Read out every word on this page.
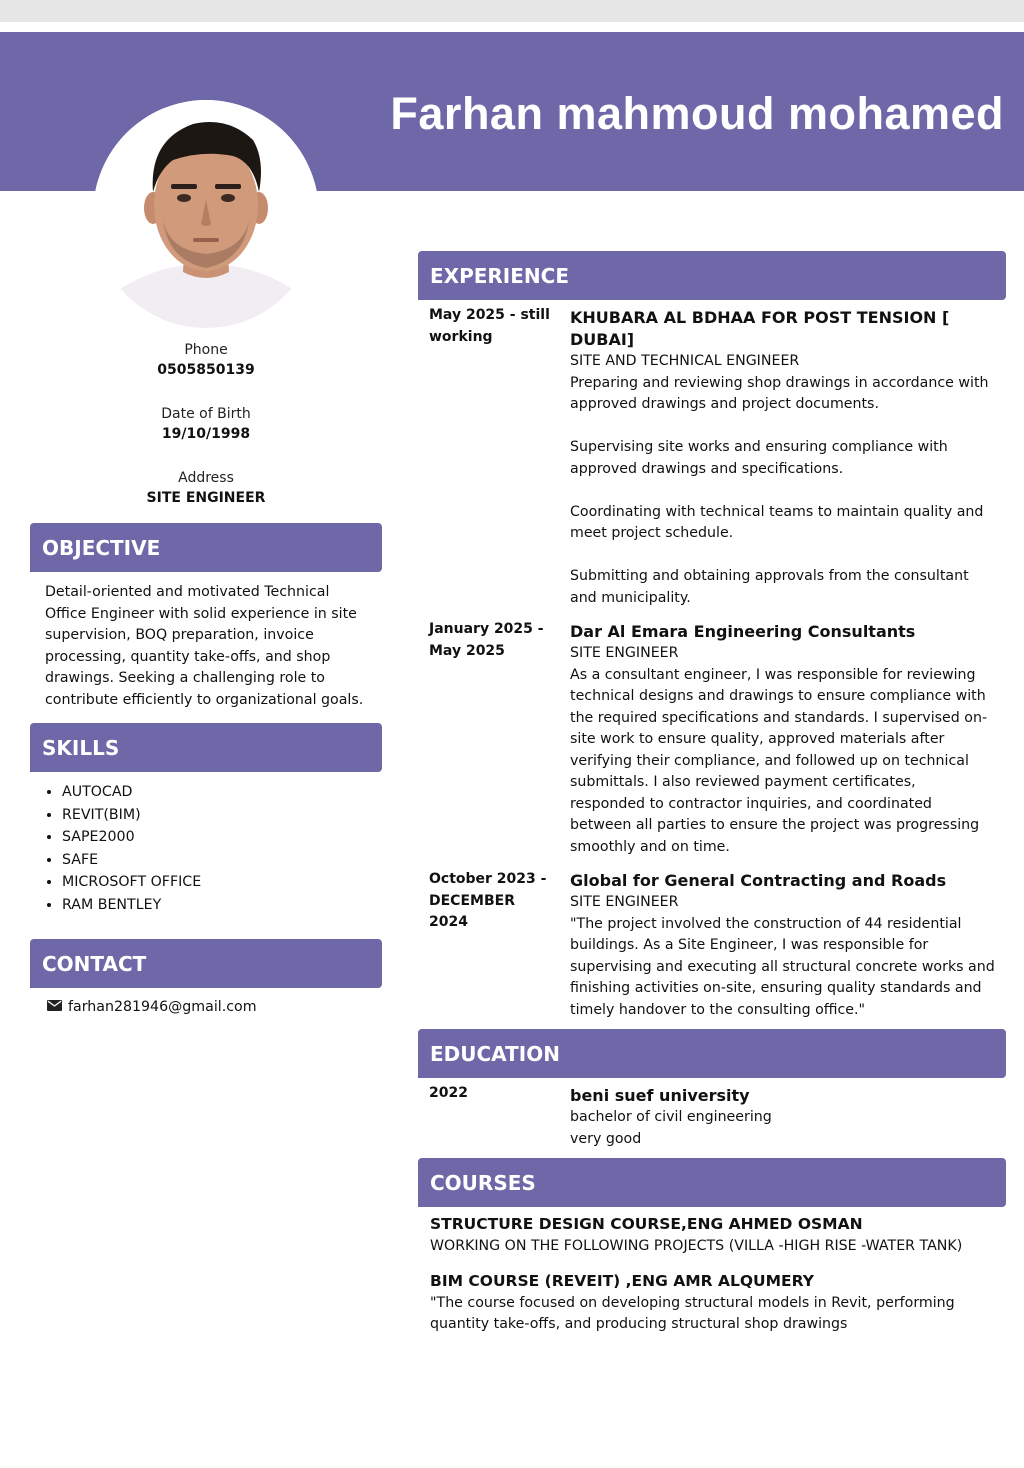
Farhan mahmoud mohamed
Phone
0505850139
Date of Birth
19/10/1998
Address
SITE ENGINEER
OBJECTIVE
Detail-oriented and motivated Technical Office Engineer with solid experience in site supervision, BOQ preparation, invoice processing, quantity take-offs, and shop drawings. Seeking a challenging role to contribute efficiently to organizational goals.
SKILLS
• AUTOCAD
• REVIT(BIM)
• SAPE2000
• SAFE
• MICROSOFT OFFICE
• RAM BENTLEY
CONTACT
farhan281946@gmail.com
EXPERIENCE
May 2025 - still
working
KHUBARA AL BDHAA FOR POST TENSION [ DUBAI]
SITE AND TECHNICAL ENGINEER

Preparing and reviewing shop drawings in accordance with approved drawings and project documents.

Supervising site works and ensuring compliance with approved drawings and specifications.

Coordinating with technical teams to maintain quality and meet project schedule.

Submitting and obtaining approvals from the consultant and municipality.

January 2025 -
May 2025
Dar Al Emara Engineering Consultants
SITE ENGINEER

As a consultant engineer, I was responsible for reviewing technical designs and drawings to ensure compliance with the required specifications and standards. I supervised on-site work to ensure quality, approved materials after verifying their compliance, and followed up on technical submittals. I also reviewed payment certificates, responded to contractor inquiries, and coordinated between all parties to ensure the project was progressing smoothly and on time.

October 2023 -
DECEMBER 2024
Global for General Contracting and Roads
SITE ENGINEER

"The project involved the construction of 44 residential buildings. As a Site Engineer, I was responsible for supervising and executing all structural concrete works and finishing activities on-site, ensuring quality standards and timely handover to the consulting office."

EDUCATION
2022	beni suef university
bachelor of civil engineering
very good
COURSES
STRUCTURE DESIGN COURSE,ENG AHMED OSMAN
WORKING ON THE FOLLOWING PROJECTS (VILLA -HIGH RISE -WATER TANK)
BIM COURSE (REVEIT) ,ENG AMR ALQUMERY
"The course focused on developing structural models in Revit, performing quantity take-offs, and producing structural shop drawings
